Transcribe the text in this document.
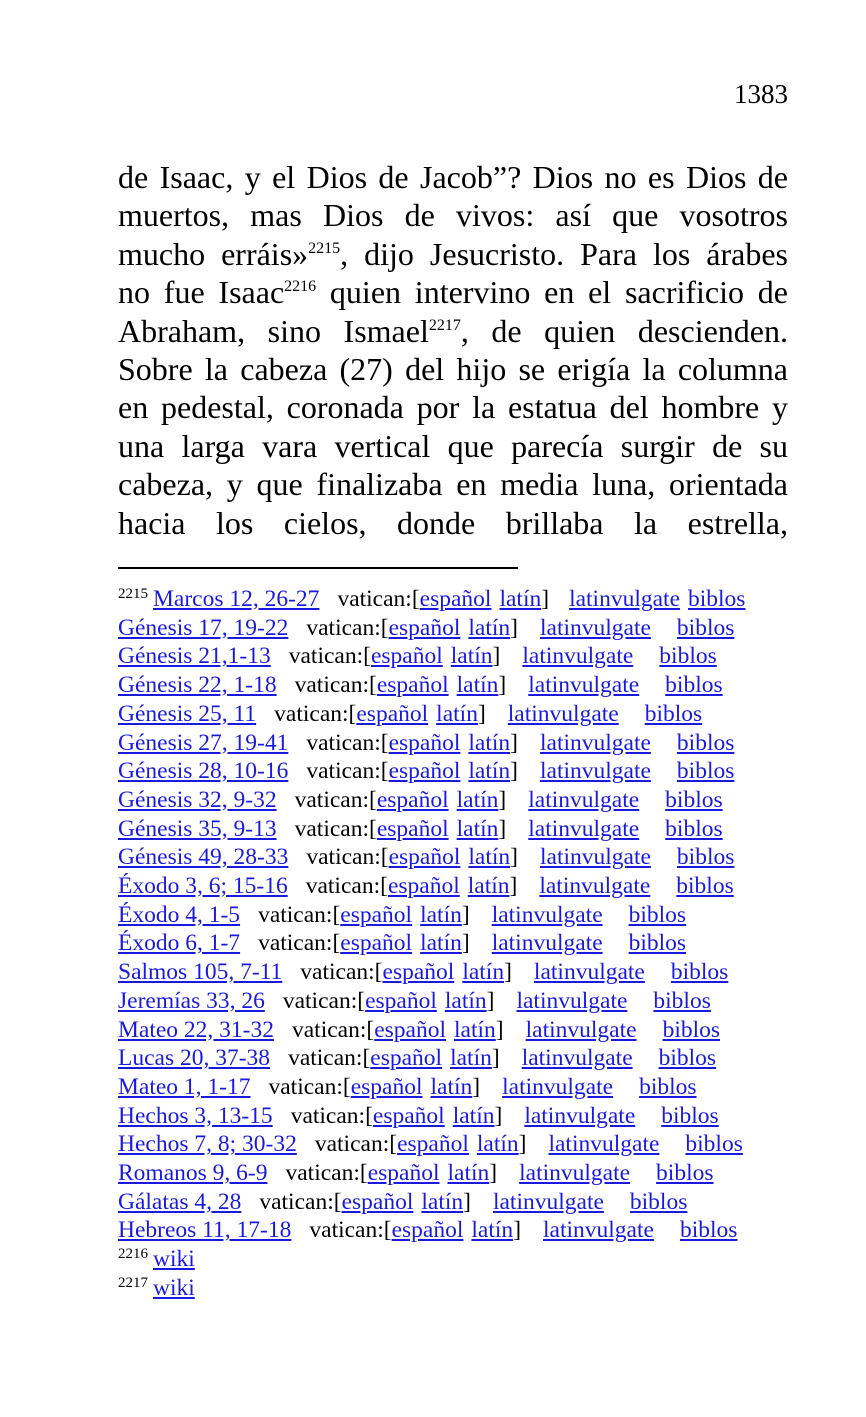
1383
de Isaac, y el Dios de Jacob”? Dios no es Dios de
muertos, mas Dios de vivos: así que vosotros
mucho erráis»$^{2215}$, dijo Jesucristo. Para los árabes
no fue Isaac$^{2216}$ quien intervino en el sacrificio de
Abraham, sino Ismael$^{2217}$, de quien descienden.
Sobre la cabeza (27) del hijo se erigía la columna
en pedestal, coronada por la estatua del hombre y
una larga vara vertical que parecía surgir de su
cabeza, y que finalizaba en media luna, orientada
hacia los cielos, donde brillaba la estrella,
$^{2215}$ Marcos 12, 26-27 vatican:[español latín] latinvulgate biblos
Génesis 17, 19-22 vatican:[español latín] latinvulgate biblos
Génesis 21,1-13 vatican:[español latín] latinvulgate biblos
Génesis 22, 1-18 vatican:[español latín] latinvulgate biblos
Génesis 25, 11 vatican:[español latín] latinvulgate biblos
Génesis 27, 19-41 vatican:[español latín] latinvulgate biblos
Génesis 28, 10-16 vatican:[español latín] latinvulgate biblos
Génesis 32, 9-32 vatican:[español latín] latinvulgate biblos
Génesis 35, 9-13 vatican:[español latín] latinvulgate biblos
Génesis 49, 28-33 vatican:[español latín] latinvulgate biblos
Éxodo 3, 6; 15-16 vatican:[español latín] latinvulgate biblos
Éxodo 4, 1-5 vatican:[español latín] latinvulgate biblos
Éxodo 6, 1-7 vatican:[español latín] latinvulgate biblos
Salmos 105, 7-11 vatican:[español latín] latinvulgate biblos
Jeremías 33, 26 vatican:[español latín] latinvulgate biblos
Mateo 22, 31-32 vatican:[español latín] latinvulgate biblos
Lucas 20, 37-38 vatican:[español latín] latinvulgate biblos
Mateo 1, 1-17 vatican:[español latín] latinvulgate biblos
Hechos 3, 13-15 vatican:[español latín] latinvulgate biblos
Hechos 7, 8; 30-32 vatican:[español latín] latinvulgate biblos
Romanos 9, 6-9 vatican:[español latín] latinvulgate biblos
Gálatas 4, 28 vatican:[español latín] latinvulgate biblos
Hebreos 11, 17-18 vatican:[español latín] latinvulgate biblos
$^{2216}$ wiki
$^{2217}$ wiki
